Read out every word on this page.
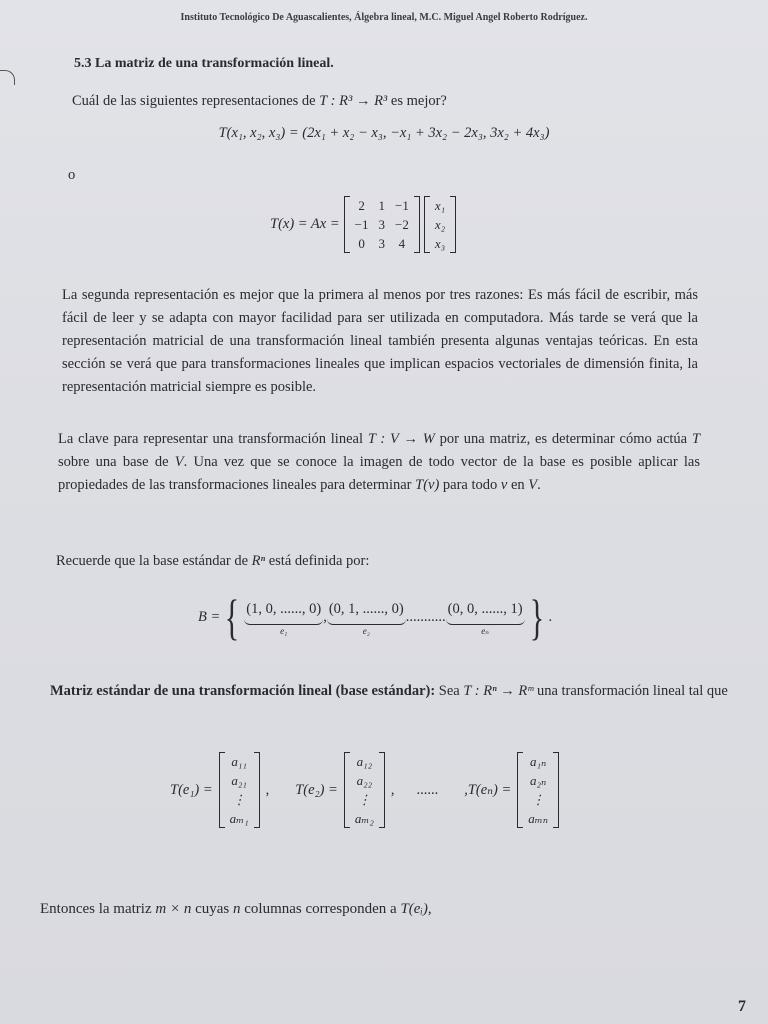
Instituto Tecnológico De Aguascalientes, Álgebra lineal, M.C. Miguel Angel Roberto Rodríguez.
5.3 La matriz de una transformación lineal.
Cuál de las siguientes representaciones de T : R³ → R³ es mejor?
T(x₁, x₂, x₃) = (2x₁ + x₂ − x₃, −x₁ + 3x₂ − 2x₃, 3x₂ + 4x₃)
o
T(x) = Ax =
2	1	−1
−1	3	−2
0	3	4
x₁
x₂
x₃
La segunda representación es mejor que la primera al menos por tres razones: Es más fácil de escribir, más fácil de leer y se adapta con mayor facilidad para ser utilizada en computadora. Más tarde se verá que la representación matricial de una transformación lineal también presenta algunas ventajas teóricas. En esta sección se verá que para transformaciones lineales que implican espacios vectoriales de dimensión finita, la representación matricial siempre es posible.
La clave para representar una transformación lineal T : V → W por una matriz, es determinar cómo actúa T sobre una base de V. Una vez que se conoce la imagen de todo vector de la base es posible aplicar las propiedades de las transformaciones lineales para determinar T(v) para todo v en V.
Recuerde que la base estándar de Rⁿ está definida por:
B = { (1, 0, ......, 0)
e₁
, (0, 1, ......, 0)
e₂
........... (0, 0, ......, 1)
eₙ } .
Matriz estándar de una transformación lineal (base estándar): Sea T : Rⁿ → Rᵐ una transformación lineal tal que
T(e₁) =
a₁₁
a₂₁
⋮
aₘ₁
, T(e₂) =
a₁₂
a₂₂
⋮
aₘ₂
, ...... ,T(eₙ) =
a₁ₙ
a₂ₙ
⋮
aₘₙ
Entonces la matriz m × n cuyas n columnas corresponden a T(eᵢ),
7
